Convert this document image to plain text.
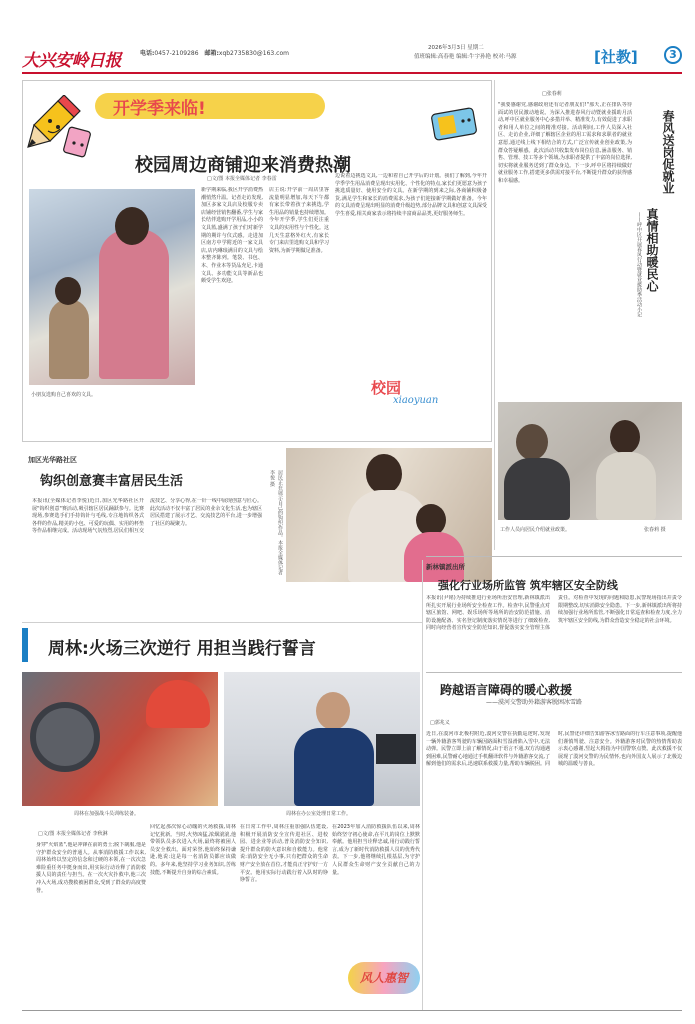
大兴安岭日报	电话:0457-2109286 邮箱:xqb2735830@163.com
2026年3月3日 星期二
值班编辑:高春艳 编辑:牛宇孙艳 校对:马源	[社教]	3
开学季来临!
校园周边商铺迎来消费热潮
小朋友选购自己喜欢的文具。
□文/图 本报全媒体记者 李春雷
新学期来临,我区开学消费热潮悄然升温。记者走访发现,加区多家文具店及校服专卖店铺经营销售翻番,学生与家长结伴选购开学用品,小小的文具篮,盛满了孩子们对新学期的期许与仪式感。走进加区南方中学附近的一家文具店,店内琳琅满目的文具与绘本整齐陈列。笔袋、书包、本、作业本等货品充足,卡通文具、多功能文具等新品也颇受学生欢迎。
店主说:开学前一周店里客流量明显增加,每天下午都有家长带着孩子来挑选,学生用品的销量也持续增加。今年开学季,学生们更注重文具的实用性与个性化。这几天生意格外红火,有家长专门来店里选购文具和学习资料,为新学期做足准备。
边说着边挑选文具,一边和着自己开学后的计划。我们了解到,今年开学季学生用品消费呈现出实用化、个性化的特点,家长们更愿意为孩子挑选质量好、使用安全的文具。在新学期的到来之际,各商铺积极备货,满足学生和家长的消费需求,为孩子们迎接新学期做好准备。今年的文具消费呈现出明显的消费升级趋势,部分品牌文具和创意文具深受学生喜爱,相关商家表示将持续丰富商品品类,更好服务师生。
校园
xiaoyuan
加区光华路社区
钩织创意赛丰富居民生活
本报讯(全媒体记者李悦)近日,加区光华路社区开展"钩织创意"赛活动,吸引辖区居民踊跃参与。比赛现场,参赛选手们手持钩针与毛线,专注地钩织各式各样的作品,精美的小包、可爱的玩偶、实用的杯垫等作品相继完成。活动现场气氛热烈,居民们相互交流技艺、分享心得,在一针一线中展现创意与匠心。此次活动不仅丰富了居民的业余文化生活,也为辖区居民搭建了展示才艺、交流技艺的平台,进一步增强了社区的凝聚力。	居民正在展示自己的钩织作品。本报全媒体记者 李悦 摄
□张春莉
"我要感谢党,感谢政府还有记者朋友们!"那天,正在排队等待面试的居民激动地说。为深入推进春风行动暨就业援助月活动,呼中区就业服务中心多措并举、精准发力,有效促进了求职者和用人单位之间的精准对接。活动期间,工作人员深入社区、走访企业,详细了解辖区企业的用工需求和求职者的就业意愿,通过线上线下相结合的方式,广泛宣传就业创业政策,为群众答疑解惑。此次活动共收集发布岗位信息,涵盖服务、销售、管理、技工等多个领域,为求职者提供了丰富的岗位选择,切实将就业服务送到了群众身边。下一步,呼中区将持续做好就业服务工作,搭建更多供需对接平台,不断提升群众的获得感和幸福感。	春风送岗促就业
真情相助暖民心
——呼中区开展春风行动暨就业援助季活动小记
工作人员向居民介绍就业政策。	张春莉 摄
新林镇派出所
强化行业场所监管 筑牢辖区安全防线
本报讯(尹铭)为持续推进行业场所治安管理,新林镇派出所扎实开展行业场所安全检查工作。检查中,民警重点对辖区旅馆、网吧、娱乐场所等场所的治安防范措施、消防设施配备、实名登记制度落实情况等进行了细致检查,同时向经营者宣传安全防范知识,督促落实安全管理主体责任。对检查中发现的问题和隐患,民警现场指出并责令限期整改,切实消除安全隐患。下一步,新林镇派出所将持续加强行业场所监管,不断强化日常巡查和检查力度,全力筑牢辖区安全防线,为群众营造安全稳定的社会环境。
周林:火场三次逆行 用担当践行誓言
周林在加强战斗员训练装备。	周林在办公室处理日常工作。
□文/图 本报全媒体记者 李秋淋
身穿"火焰蓝",他是冲锋在前的勇士;脱下制服,他是守护群众安全的普通人。从事消防救援工作以来,周林始终以坚定的信念和过硬的本领,在一次次急难险重任务中挺身而出,用实际行动诠释了消防救援人员的责任与担当。在一次火灾扑救中,他三次冲入火场,成功搜救被困群众,受到了群众的高度赞誉。
回忆起那次惊心动魄的火场救援,周林记忆犹新。当时,火势凶猛,浓烟滚滚,他带领队员多次进入火场,最终将被困人员安全救出。面对荣誉,他始终保持谦逊,他说:这是每一名消防员都应该做的。多年来,他坚持学习业务知识,苦练技能,不断提升自身的综合素质。
在日常工作中,周林注重加强队伍建设,积极开展消防安全宣传进社区、进校园、进企业等活动,普及消防安全知识,提升群众的防火意识和自救能力。他常说:消防安全无小事,只有把群众的生命财产安全放在首位,才能真正守护好一方平安。他用实际行动践行着入队时的铮铮誓言。
在2023年加入消防救援队伍以来,周林始终坚守初心使命,在平凡的岗位上默默奉献。他用担当诠释忠诚,用行动践行誓言,成为了新时代消防救援人员的优秀代表。下一步,他将继续扎根基层,为守护人民群众生命财产安全贡献自己的力量。
风人惠智
跨越语言障碍的暖心救援
——漠河交警助外籍游客脱困冰雪路
□郭兆义
近日,在漠河市北极村附近,漠河交警在执勤巡逻时,发现一辆外籍游客驾驶的车辆因路面积雪湿滑陷入雪中,无法动弹。民警立即上前了解情况,由于语言不通,双方沟通遇到困难,民警耐心地通过手机翻译软件与外籍游客交流,了解到他们的需求后,迅速联系救援力量,帮助车辆脱困。同时,民警还详细告知游客冰雪路面的行车注意事项,提醒他们谨慎驾驶、注意安全。外籍游客对民警的热情帮助表示衷心感谢,竖起大拇指为中国警察点赞。此次救援不仅展现了漠河交警的为民情怀,也向外国友人展示了北极边城的温暖与善良。
